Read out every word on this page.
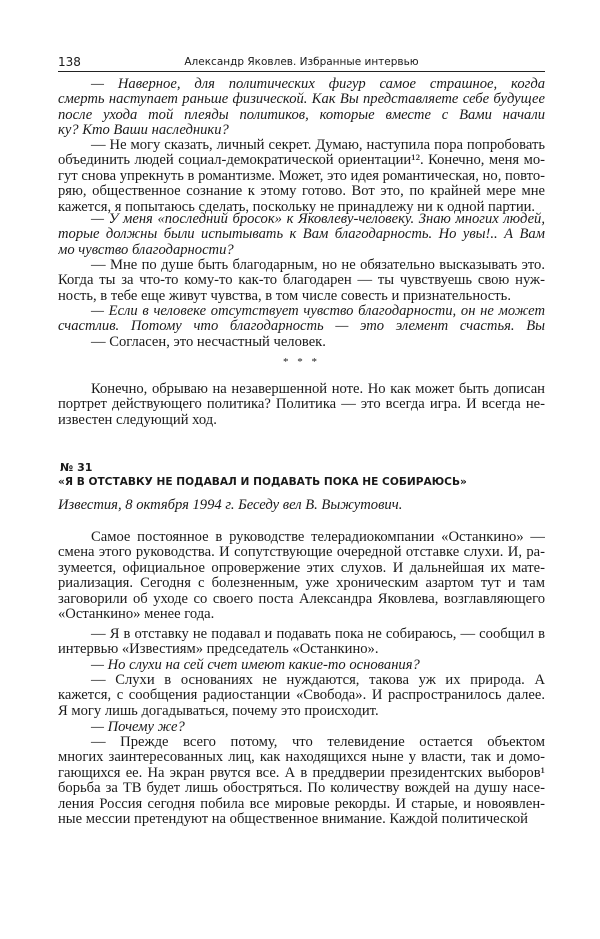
138	Александр Яковлев. Избранные интервью
— Наверное, для политических фигур самое страшное, когда
смерть наступает раньше физической. Как Вы представляете себе будущее
после ухода той плеяды политиков, которые вместе с Вами начали
ку? Кто Ваши наследники?
— Не могу сказать, личный секрет. Думаю, наступила пора попробовать
объединить людей социал-демократической ориентации¹². Конечно, меня мо-
гут снова упрекнуть в романтизме. Может, это идея романтическая, но, повто-
ряю, общественное сознание к этому готово. Вот это, по крайней мере мне
кажется, я попытаюсь сделать, поскольку не принадлежу ни к одной партии.
— У меня «последний бросок» к Яковлеву-человеку. Знаю многих людей,
торые должны были испытывать к Вам благодарность. Но увы!.. А Вам
мо чувство благодарности?
— Мне по душе быть благодарным, но не обязательно высказывать это.
Когда ты за что-то кому-то как-то благодарен — ты чувствуешь свою нуж-
ность, в тебе еще живут чувства, в том числе совесть и признательность.
— Если в человеке отсутствует чувство благодарности, он не может
счастлив. Потому что благодарность — это элемент счастья. Вы
— Согласен, это несчастный человек.
* * *
Конечно, обрываю на незавершенной ноте. Но как может быть дописан
портрет действующего политика? Политика — это всегда игра. И всегда не-
известен следующий ход.
№ 31
«Я В ОТСТАВКУ НЕ ПОДАВАЛ И ПОДАВАТЬ ПОКА НЕ СОБИРАЮСЬ»
Известия, 8 октября 1994 г. Беседу вел В. Выжутович.
Самое постоянное в руководстве телерадиокомпании «Останкино» —
смена этого руководства. И сопутствующие очередной отставке слухи. И, ра-
зумеется, официальное опровержение этих слухов. И дальнейшая их мате-
риализация. Сегодня с болезненным, уже хроническим азартом тут и там
заговорили об уходе со своего поста Александра Яковлева, возглавляющего
«Останкино» менее года.
— Я в отставку не подавал и подавать пока не собираюсь, — сообщил в
интервью «Известиям» председатель «Останкино».
— Но слухи на сей счет имеют какие-то основания?
— Слухи в основаниях не нуждаются, такова уж их природа. А
кажется, с сообщения радиостанции «Свобода». И распространилось далее.
Я могу лишь догадываться, почему это происходит.
— Почему же?
— Прежде всего потому, что телевидение остается объектом
многих заинтересованных лиц, как находящихся ныне у власти, так и домо-
гающихся ее. На экран рвутся все. А в преддверии президентских выборов¹
борьба за ТВ будет лишь обостряться. По количеству вождей на душу насе-
ления Россия сегодня побила все мировые рекорды. И старые, и новоявлен-
ные мессии претендуют на общественное внимание. Каждой политической
